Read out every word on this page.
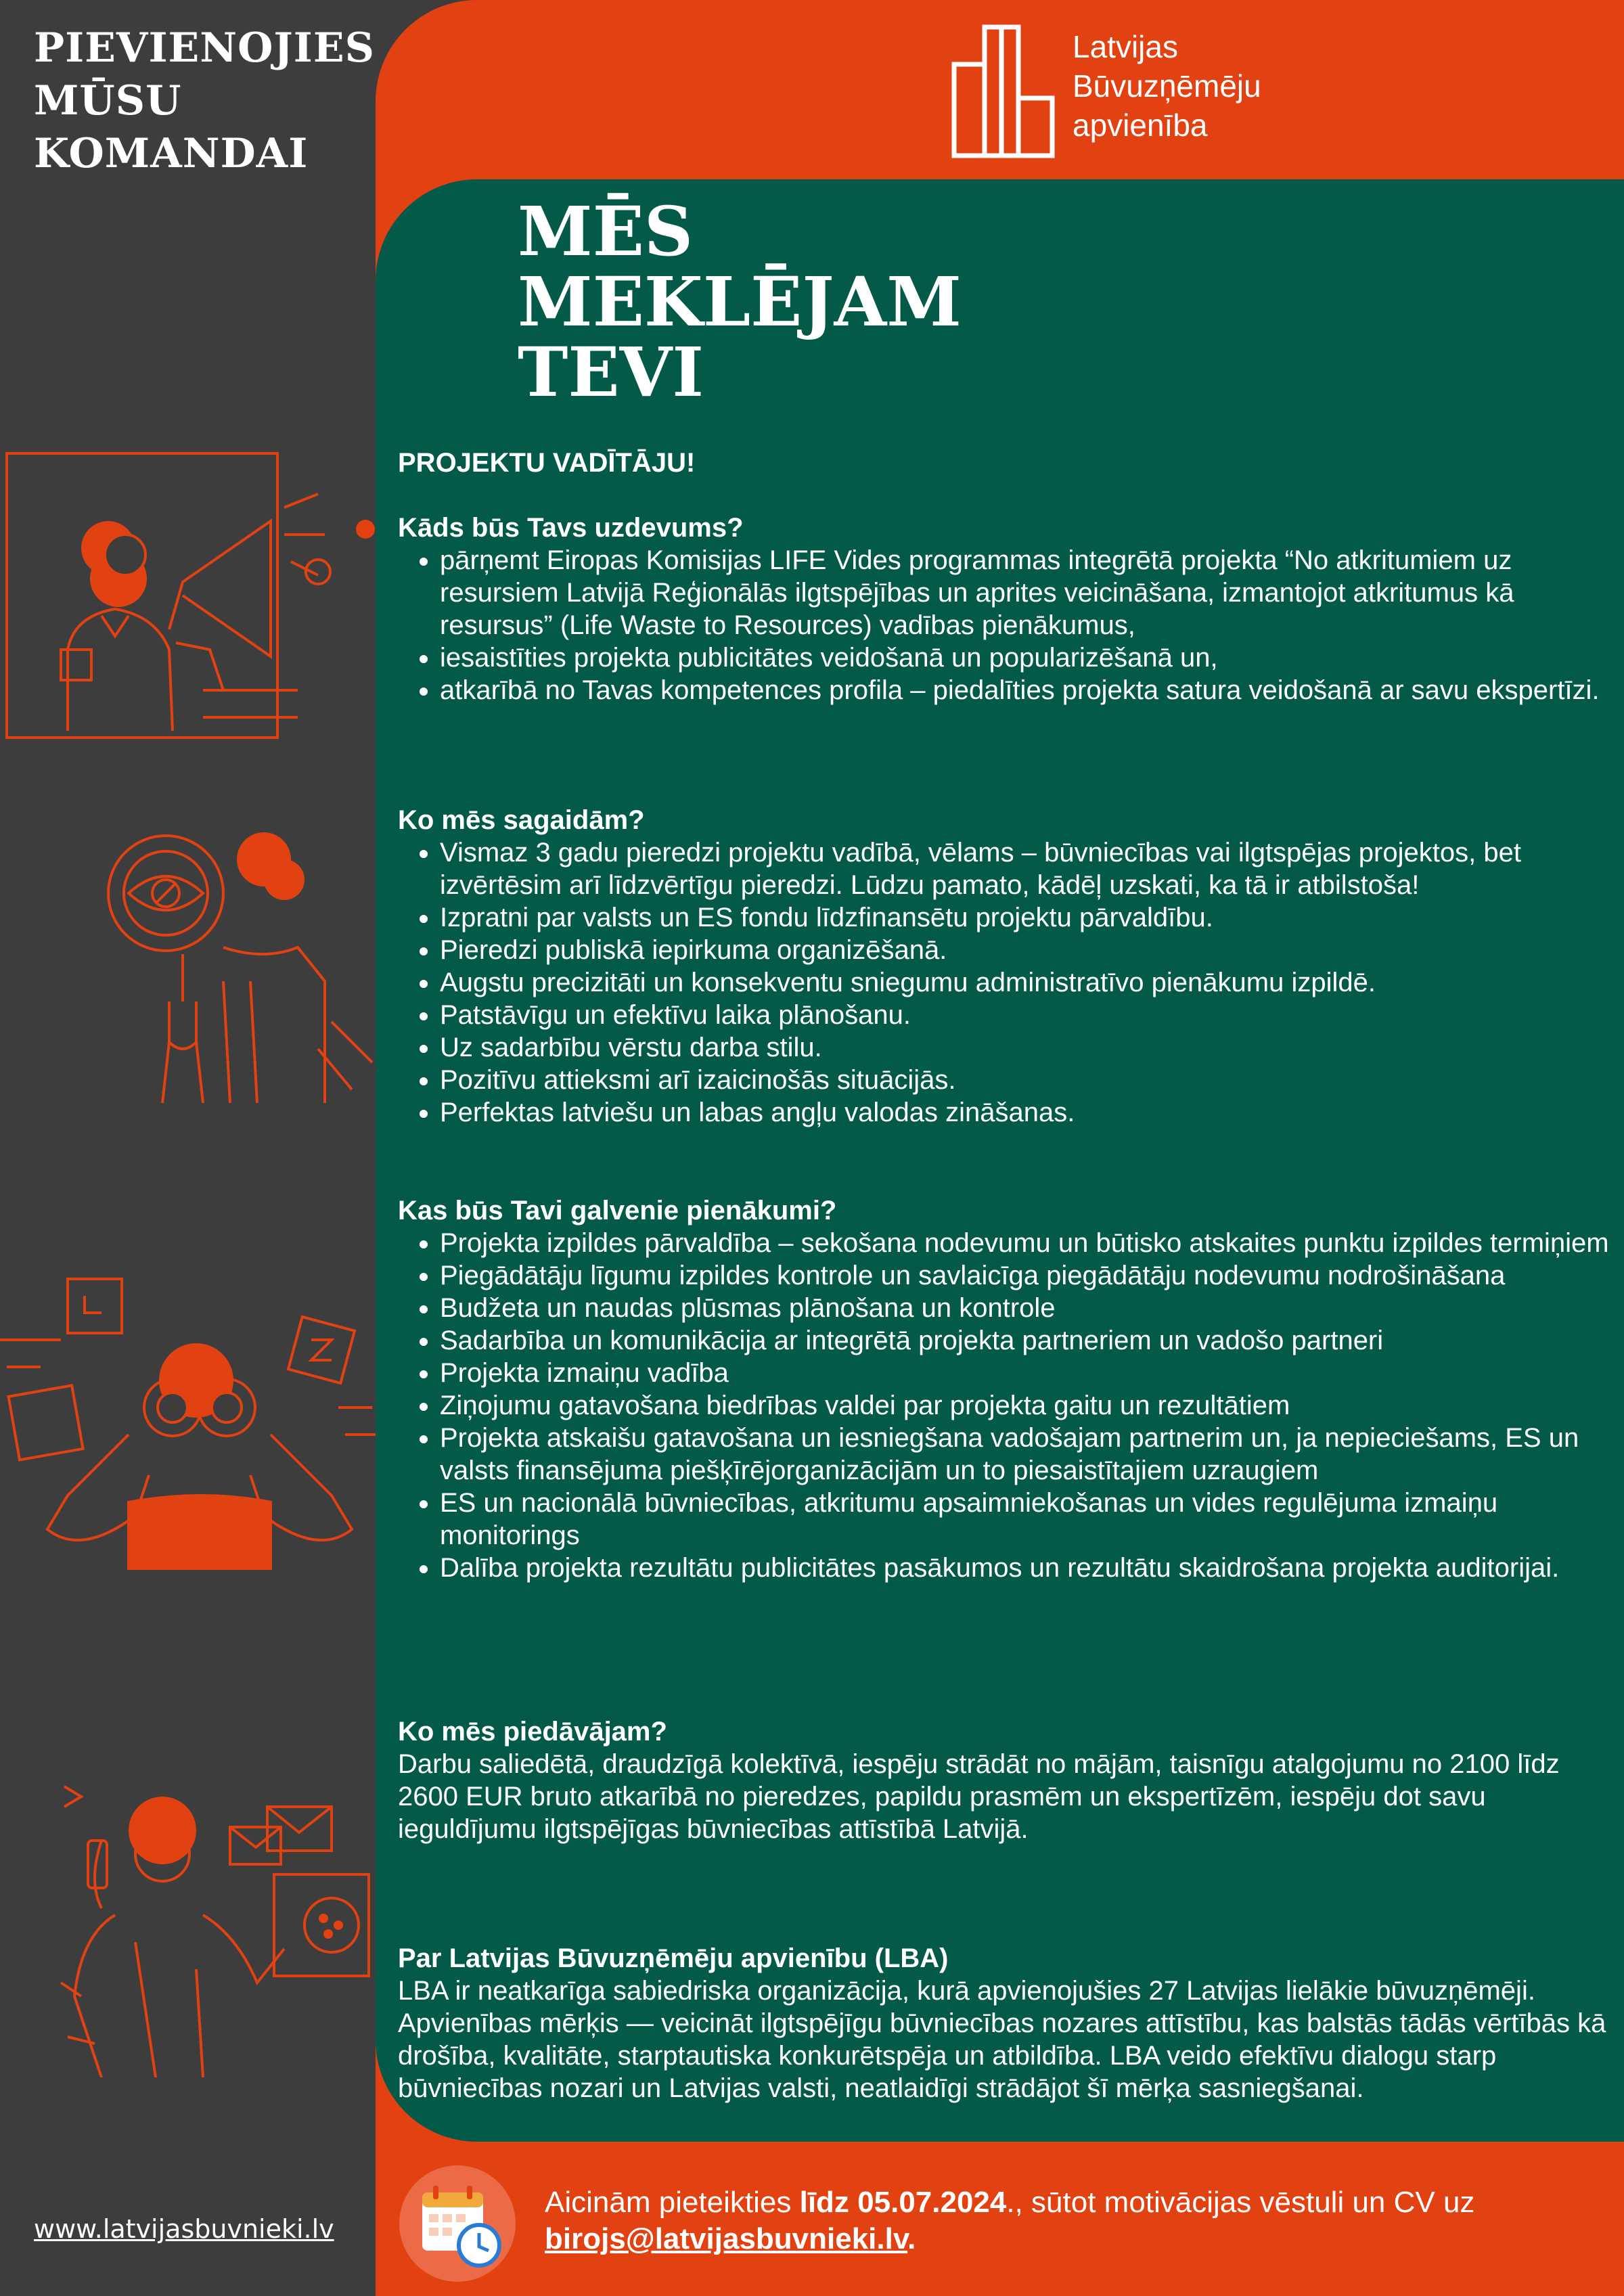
PIEVIENOJIES
MŪSU
KOMANDAI
www.latvijasbuvnieki.lv
Latvijas
Būvuzņēmēju
apvienība
MĒS
MEKLĒJAM
TEVI

PROJEKTU VADĪTĀJU!

Kāds būs Tavs uzdevums?
• pārņemt Eiropas Komisijas LIFE Vides programmas integrētā projekta “No atkritumiem uz resursiem Latvijā Reģionālās ilgtspējības un aprites veicināšana, izmantojot atkritumus kā resursus” (Life Waste to Resources) vadības pienākumus,
• iesaistīties projekta publicitātes veidošanā un popularizēšanā un,
• atkarībā no Tavas kompetences profila – piedalīties projekta satura veidošanā ar savu ekspertīzi.
Ko mēs sagaidām?
• Vismaz 3 gadu pieredzi projektu vadībā, vēlams – būvniecības vai ilgtspējas projektos, bet izvērtēsim arī līdzvērtīgu pieredzi. Lūdzu pamato, kādēļ uzskati, ka tā ir atbilstoša!
• Izpratni par valsts un ES fondu līdzfinansētu projektu pārvaldību.
• Pieredzi publiskā iepirkuma organizēšanā.
• Augstu precizitāti un konsekventu sniegumu administratīvo pienākumu izpildē.
• Patstāvīgu un efektīvu laika plānošanu.
• Uz sadarbību vērstu darba stilu.
• Pozitīvu attieksmi arī izaicinošās situācijās.
• Perfektas latviešu un labas angļu valodas zināšanas.
Kas būs Tavi galvenie pienākumi?
• Projekta izpildes pārvaldība – sekošana nodevumu un būtisko atskaites punktu izpildes termiņiem
• Piegādātāju līgumu izpildes kontrole un savlaicīga piegādātāju nodevumu nodrošināšana
• Budžeta un naudas plūsmas plānošana un kontrole
• Sadarbība un komunikācija ar integrētā projekta partneriem un vadošo partneri
• Projekta izmaiņu vadība
• Ziņojumu gatavošana biedrības valdei par projekta gaitu un rezultātiem
• Projekta atskaišu gatavošana un iesniegšana vadošajam partnerim un, ja nepieciešams, ES un valsts finansējuma piešķīrējorganizācijām un to piesaistītajiem uzraugiem
• ES un nacionālā būvniecības, atkritumu apsaimniekošanas un vides regulējuma izmaiņu monitorings
• Dalība projekta rezultātu publicitātes pasākumos un rezultātu skaidrošana projekta auditorijai.
Ko mēs piedāvājam?

Darbu saliedētā, draudzīgā kolektīvā, iespēju strādāt no mājām, taisnīgu atalgojumu no 2100 līdz 2600 EUR bruto atkarībā no pieredzes, papildu prasmēm un ekspertīzēm, iespēju dot savu ieguldījumu ilgtspējīgas būvniecības attīstībā Latvijā.

Par Latvijas Būvuzņēmēju apvienību (LBA)

LBA ir neatkarīga sabiedriska organizācija, kurā apvienojušies 27 Latvijas lielākie būvuzņēmēji. Apvienības mērķis — veicināt ilgtspējīgu būvniecības nozares attīstību, kas balstās tādās vērtībās kā drošība, kvalitāte, starptautiska konkurētspēja un atbildība. LBA veido efektīvu dialogu starp būvniecības nozari un Latvijas valsti, neatlaidīgi strādājot šī mērķa sasniegšanai.

Aicinām pieteikties līdz 05.07.2024., sūtot motivācijas vēstuli un CV uz
birojs@latvijasbuvnieki.lv.
